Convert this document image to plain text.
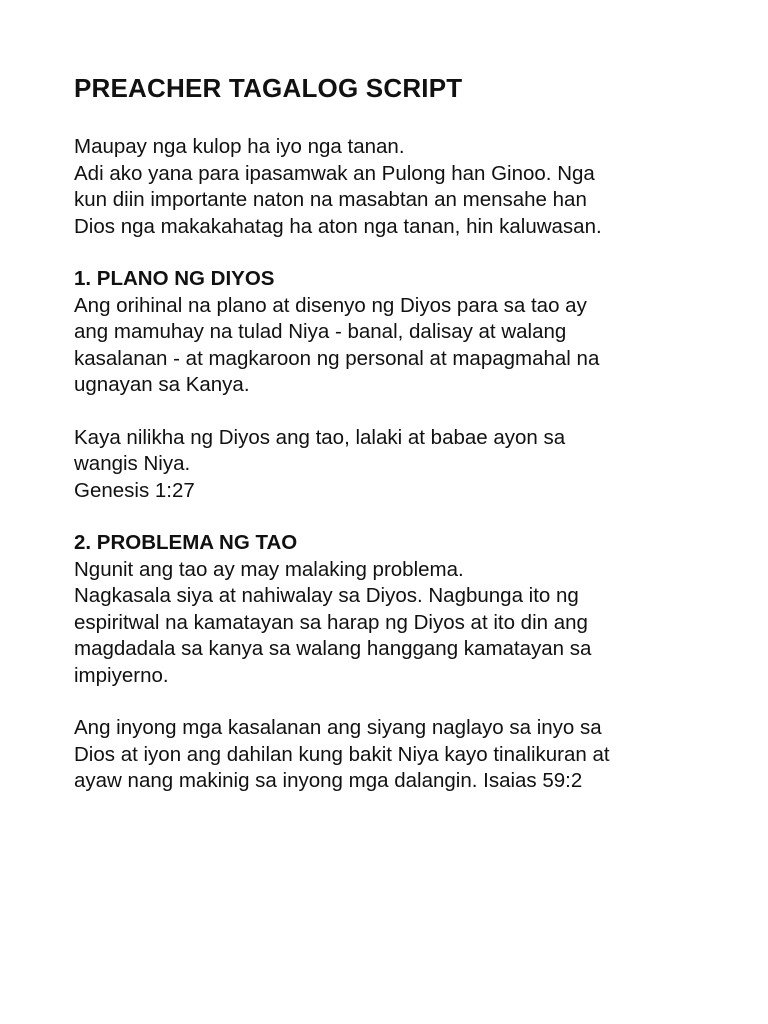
PREACHER TAGALOG SCRIPT
Maupay nga kulop ha iyo nga tanan.
Adi ako yana para ipasamwak an Pulong han Ginoo. Nga
kun diin importante naton na masabtan an mensahe han
Dios nga makakahatag ha aton nga tanan, hin kaluwasan.
1. PLANO NG DIYOS
Ang orihinal na plano at disenyo ng Diyos para sa tao ay
ang mamuhay na tulad Niya - banal, dalisay at walang
kasalanan - at magkaroon ng personal at mapagmahal na
ugnayan sa Kanya.
Kaya nilikha ng Diyos ang tao, lalaki at babae ayon sa
wangis Niya.
Genesis 1:27
2. PROBLEMA NG TAO
Ngunit ang tao ay may malaking problema.
Nagkasala siya at nahiwalay sa Diyos. Nagbunga ito ng
espiritwal na kamatayan sa harap ng Diyos at ito din ang
magdadala sa kanya sa walang hanggang kamatayan sa
impiyerno.
Ang inyong mga kasalanan ang siyang naglayo sa inyo sa
Dios at iyon ang dahilan kung bakit Niya kayo tinalikuran at
ayaw nang makinig sa inyong mga dalangin. Isaias 59:2
